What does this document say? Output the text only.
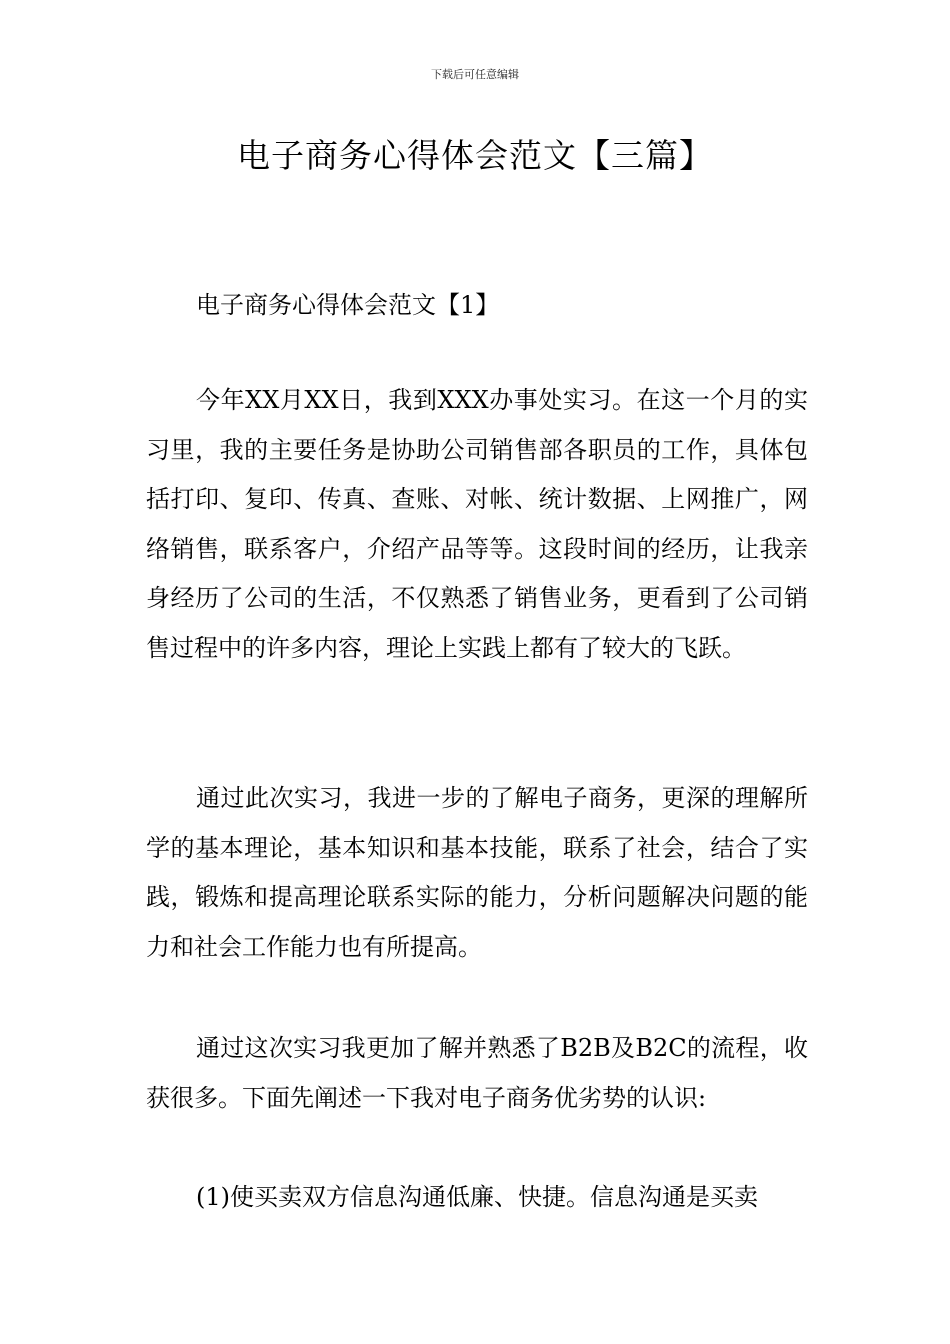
下载后可任意编辑
电子商务心得体会范文【三篇】
电子商务心得体会范文【1】

今年XX月XX日，我到XXX办事处实习。在这一个月的实习里，我的主要任务是协助公司销售部各职员的工作，具体包括打印、复印、传真、查账、对帐、统计数据、上网推广，网络销售，联系客户，介绍产品等等。这段时间的经历，让我亲身经历了公司的生活，不仅熟悉了销售业务，更看到了公司销售过程中的许多内容，理论上实践上都有了较大的飞跃。

通过此次实习，我进一步的了解电子商务，更深的理解所学的基本理论，基本知识和基本技能，联系了社会，结合了实践，锻炼和提高理论联系实际的能力，分析问题解决问题的能力和社会工作能力也有所提高。

通过这次实习我更加了解并熟悉了B2B及B2C的流程，收获很多。下面先阐述一下我对电子商务优劣势的认识:

(1)使买卖双方信息沟通低廉、快捷。信息沟通是买卖
